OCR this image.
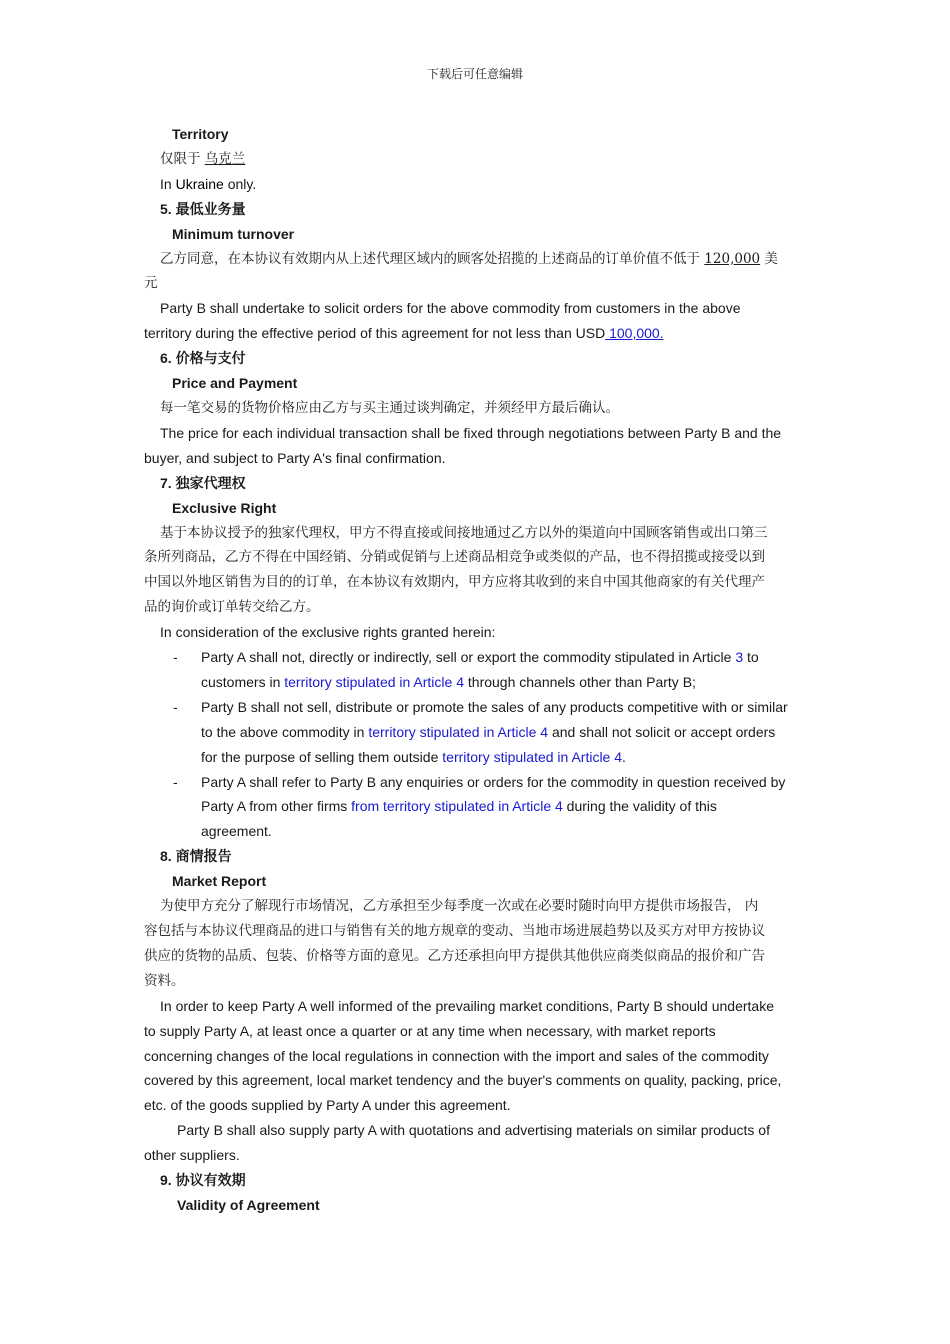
下载后可任意编辑
Territory
仅限于 乌克兰
In Ukraine only.
5. 最低业务量
Minimum turnover
乙方同意，在本协议有效期内从上述代理区域内的顾客处招揽的上述商品的订单价值不低于 120,000 美
元
Party B shall undertake to solicit orders for the above commodity from customers in the above
territory during the effective period of this agreement for not less than USD 100,000.
6. 价格与支付
Price and Payment
每一笔交易的货物价格应由乙方与买主通过谈判确定，并须经甲方最后确认。
The price for each individual transaction shall be fixed through negotiations between Party B and the
buyer, and subject to Party A's final confirmation.
7. 独家代理权
Exclusive Right
基于本协议授予的独家代理权，甲方不得直接或间接地通过乙方以外的渠道向中国顾客销售或出口第三
条所列商品，乙方不得在中国经销、分销或促销与上述商品相竞争或类似的产品，也不得招揽或接受以到
中国以外地区销售为目的的订单，在本协议有效期内，甲方应将其收到的来自中国其他商家的有关代理产
品的询价或订单转交给乙方。
In consideration of the exclusive rights granted herein:
-	Party A shall not, directly or indirectly, sell or export the commodity stipulated in Article 3 to
customers in territory stipulated in Article 4 through channels other than Party B;
-	Party B shall not sell, distribute or promote the sales of any products competitive with or similar
to the above commodity in territory stipulated in Article 4 and shall not solicit or accept orders
for the purpose of selling them outside territory stipulated in Article 4.
-	Party A shall refer to Party B any enquiries or orders for the commodity in question received by
Party A from other firms from territory stipulated in Article 4 during the validity of this
agreement.
8. 商情报告
Market Report
为使甲方充分了解现行市场情况，乙方承担至少每季度一次或在必要时随时向甲方提供市场报告， 内
容包括与本协议代理商品的进口与销售有关的地方规章的变动、当地市场进展趋势以及买方对甲方按协议
供应的货物的品质、包装、价格等方面的意见。乙方还承担向甲方提供其他供应商类似商品的报价和广告
资料。
In order to keep Party A well informed of the prevailing market conditions, Party B should undertake
to supply Party A, at least once a quarter or at any time when necessary, with market reports
concerning changes of the local regulations in connection with the import and sales of the commodity
covered by this agreement, local market tendency and the buyer's comments on quality, packing, price,
etc. of the goods supplied by Party A under this agreement.
Party B shall also supply party A with quotations and advertising materials on similar products of
other suppliers.
9. 协议有效期
Validity of Agreement
